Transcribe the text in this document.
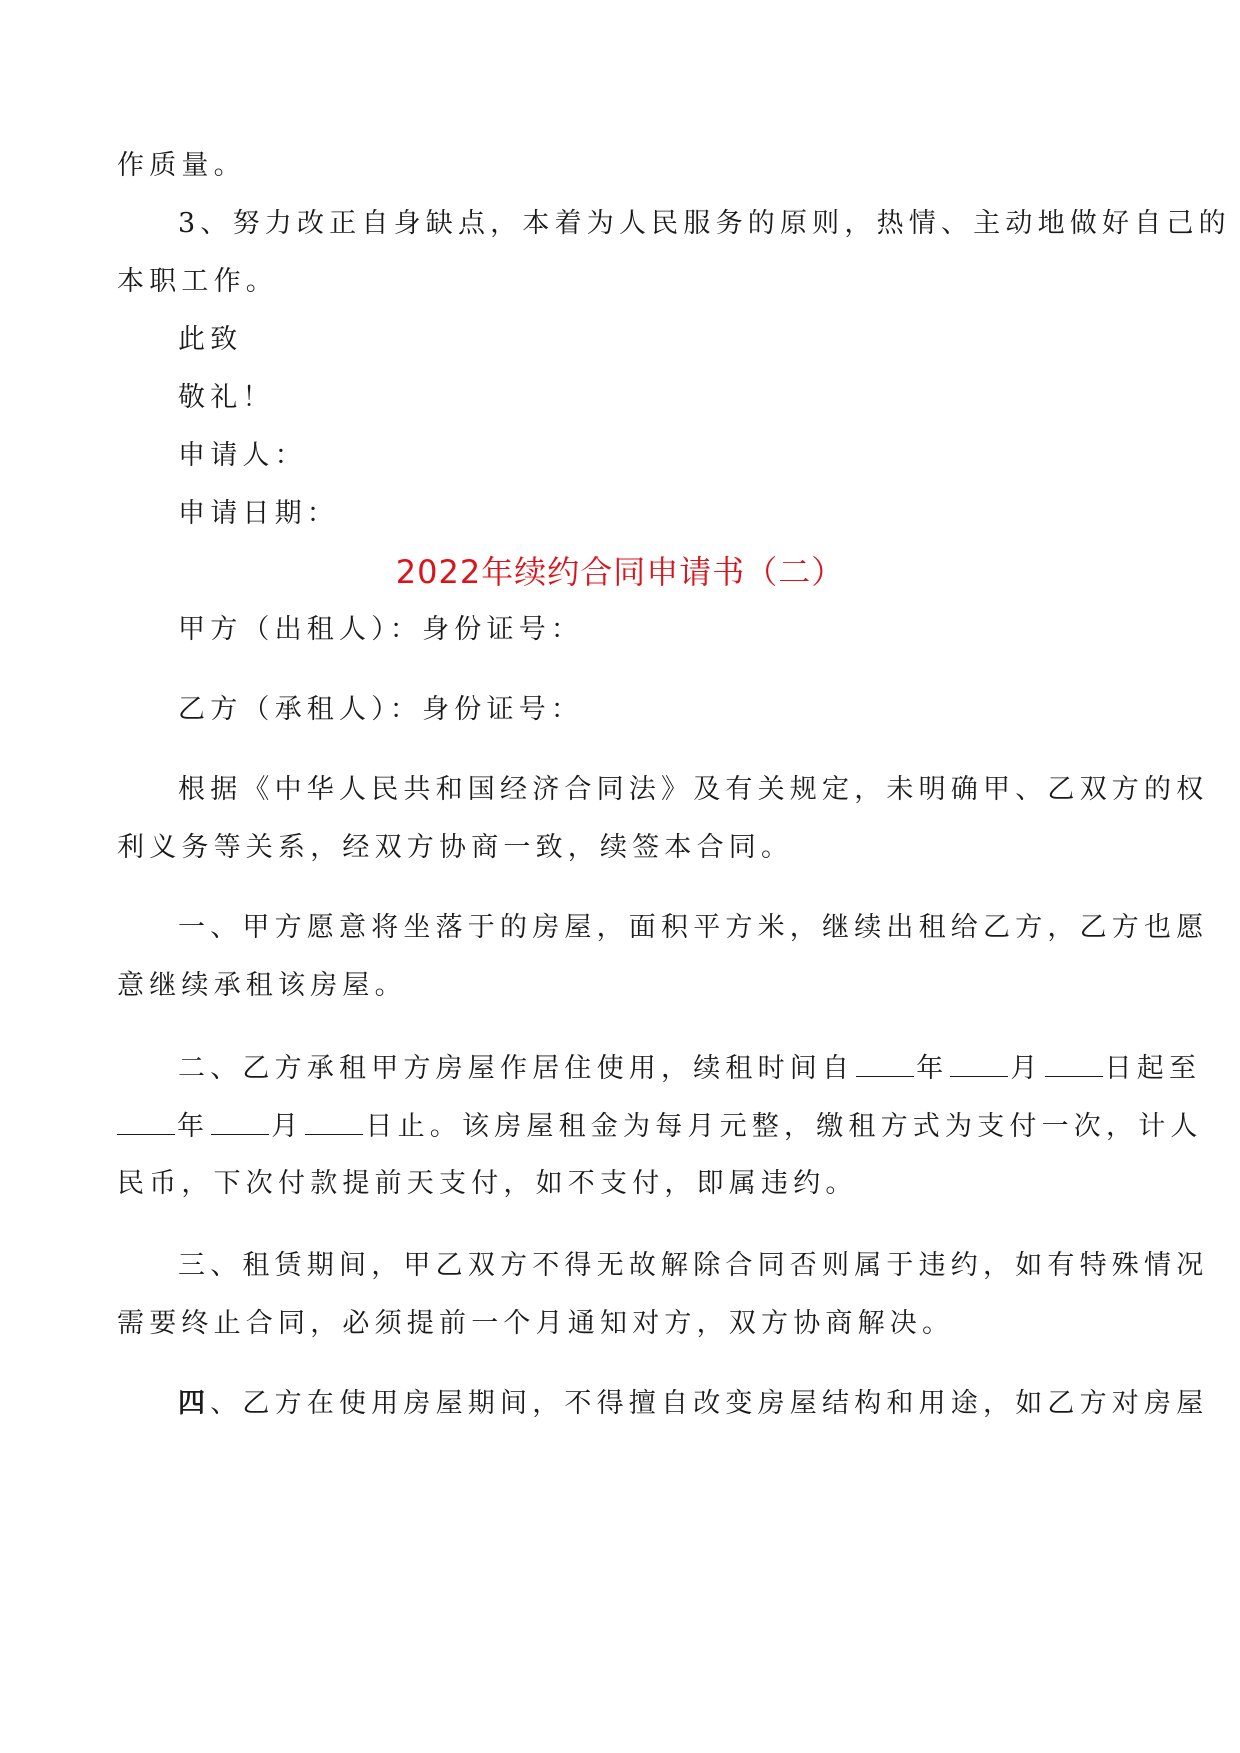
作质量。
3、努力改正自身缺点，本着为人民服务的原则，热情、主动地做好自己的
本职工作。
此致
敬礼！
申请人：
申请日期：
2022年续约合同申请书（二）
甲方（出租人）：身份证号：
乙方（承租人）：身份证号：
根据《中华人民共和国经济合同法》及有关规定，未明确甲、乙双方的权
利义务等关系，经双方协商一致，续签本合同。
一、甲方愿意将坐落于的房屋，面积平方米，继续出租给乙方，乙方也愿
意继续承租该房屋。
二、乙方承租甲方房屋作居住使用，续租时间自 年 月 日起至
年 月 日止。该房屋租金为每月元整，缴租方式为支付一次，计人
民币，下次付款提前天支付，如不支付，即属违约。
三、租赁期间，甲乙双方不得无故解除合同否则属于违约，如有特殊情况
需要终止合同，必须提前一个月通知对方，双方协商解决。
四、乙方在使用房屋期间，不得擅自改变房屋结构和用途，如乙方对房屋
